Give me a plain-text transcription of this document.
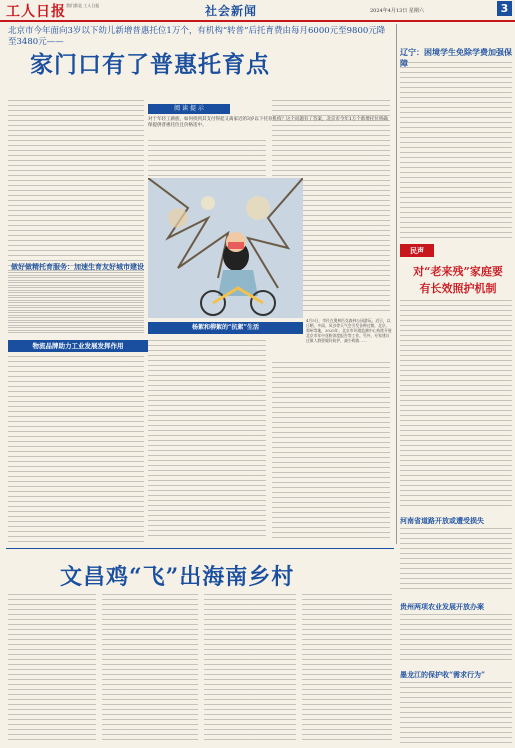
工人日报 我们都是 工人日报	社会新闻	2024年4月13日 星期六	3
北京市今年面向3岁以下幼儿新增普惠托位1万个，有机构“转普”后托育费由每月6000元至9800元降至3480元——
家门口有了普惠托育点
做好做精托育服务：加速生育友好城市建设
物流品牌助力工业发展发挥作用
阅 读 提 示
对于年轻工薪族，如何找到其支付得起又离家近的3岁以下托育机构？这个问题有了答案，北京市今年1万个新增托位将确保提供普惠托位且价格适中。
杨絮和柳絮的“抗絮”生活
4月5日，市民在奥林匹克森林公园游玩。近日，以日晒、多雨、风沙等天气会引发各种过敏，北京、郑州等地，2025年，北京市环境监测中心持续开展北京市年中花粉浓度报告等工作。另外，专家建议过敏人群要做好防护，减少致敏……
辽宁：困境学生免除学费加强保障
民声
对“老来残”家庭要有长效照护机制
河南省道路开放或遭受损失
贵州两项农业发展开放办案
墨龙江的保护收“需求行为”
文昌鸡“飞”出海南乡村
